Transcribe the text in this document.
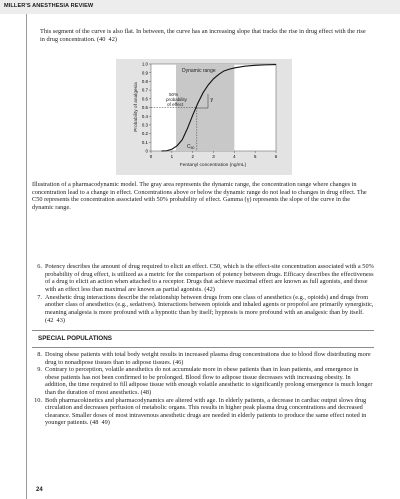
MILLER'S ANESTHESIA REVIEW

This segment of the curve is also flat. In between, the curve has an increasing slope that tracks the rise in drug effect with the rise in drug concentration. (40  42)

0
0.1
0.2
0.3
0.4
0.5
0.6
0.7
0.8
0.9
1.0
0	1	2	3	4	5	6
Dynamic range
50%
probability
of effect
γ
$C_{50}$
Probability of analgesia
Fentanyl concentration (ng/mL)

Illustration of a pharmacodynamic model. The gray area represents the dynamic range, the concentration range where changes in concentration lead to a change in effect. Concentrations above or below the dynamic range do not lead to changes in drug effect. The C50 represents the concentration associated with 50% probability of effect. Gamma (γ) represents the slope of the curve in the dynamic range.

6. Potency describes the amount of drug required to elicit an effect. C50, which is the effect-site concentration associated with a 50% probability of drug effect, is utilized as a metric for the comparison of potency between drugs. Efficacy describes the effectiveness of a drug to elicit an action when attached to a receptor. Drugs that achieve maximal effect are known as full agonists, and those with an effect less than maximal are known as partial agonists. (42)
7. Anesthetic drug interactions describe the relationship between drugs from one class of anesthetics (e.g., opioids) and drugs from another class of anesthetics (e.g., sedatives). Interactions between opioids and inhaled agents or propofol are primarily synergistic, meaning analgesia is more profound with a hypnotic than by itself; hypnosis is more profound with an analgesic than by itself. (42  43)
SPECIAL POPULATIONS
8. Dosing obese patients with total body weight results in increased plasma drug concentrations due to blood flow distributing more drug to nonadipose tissues than to adipose tissues. (46)
9. Contrary to perception, volatile anesthetics do not accumulate more in obese patients than in lean patients, and emergence in obese patients has not been confirmed to be prolonged. Blood flow to adipose tissue decreases with increasing obesity. In addition, the time required to fill adipose tissue with enough volatile anesthetic to significantly prolong emergence is much longer than the duration of most anesthetics. (48)
10. Both pharmacokinetics and pharmacodynamics are altered with age. In elderly patients, a decrease in cardiac output slows drug circulation and decreases perfusion of metabolic organs. This results in higher peak plasma drug concentrations and decreased clearance. Smaller doses of most intravenous anesthetic drugs are needed in elderly patients to produce the same effect noted in younger patients. (48  49)
24
